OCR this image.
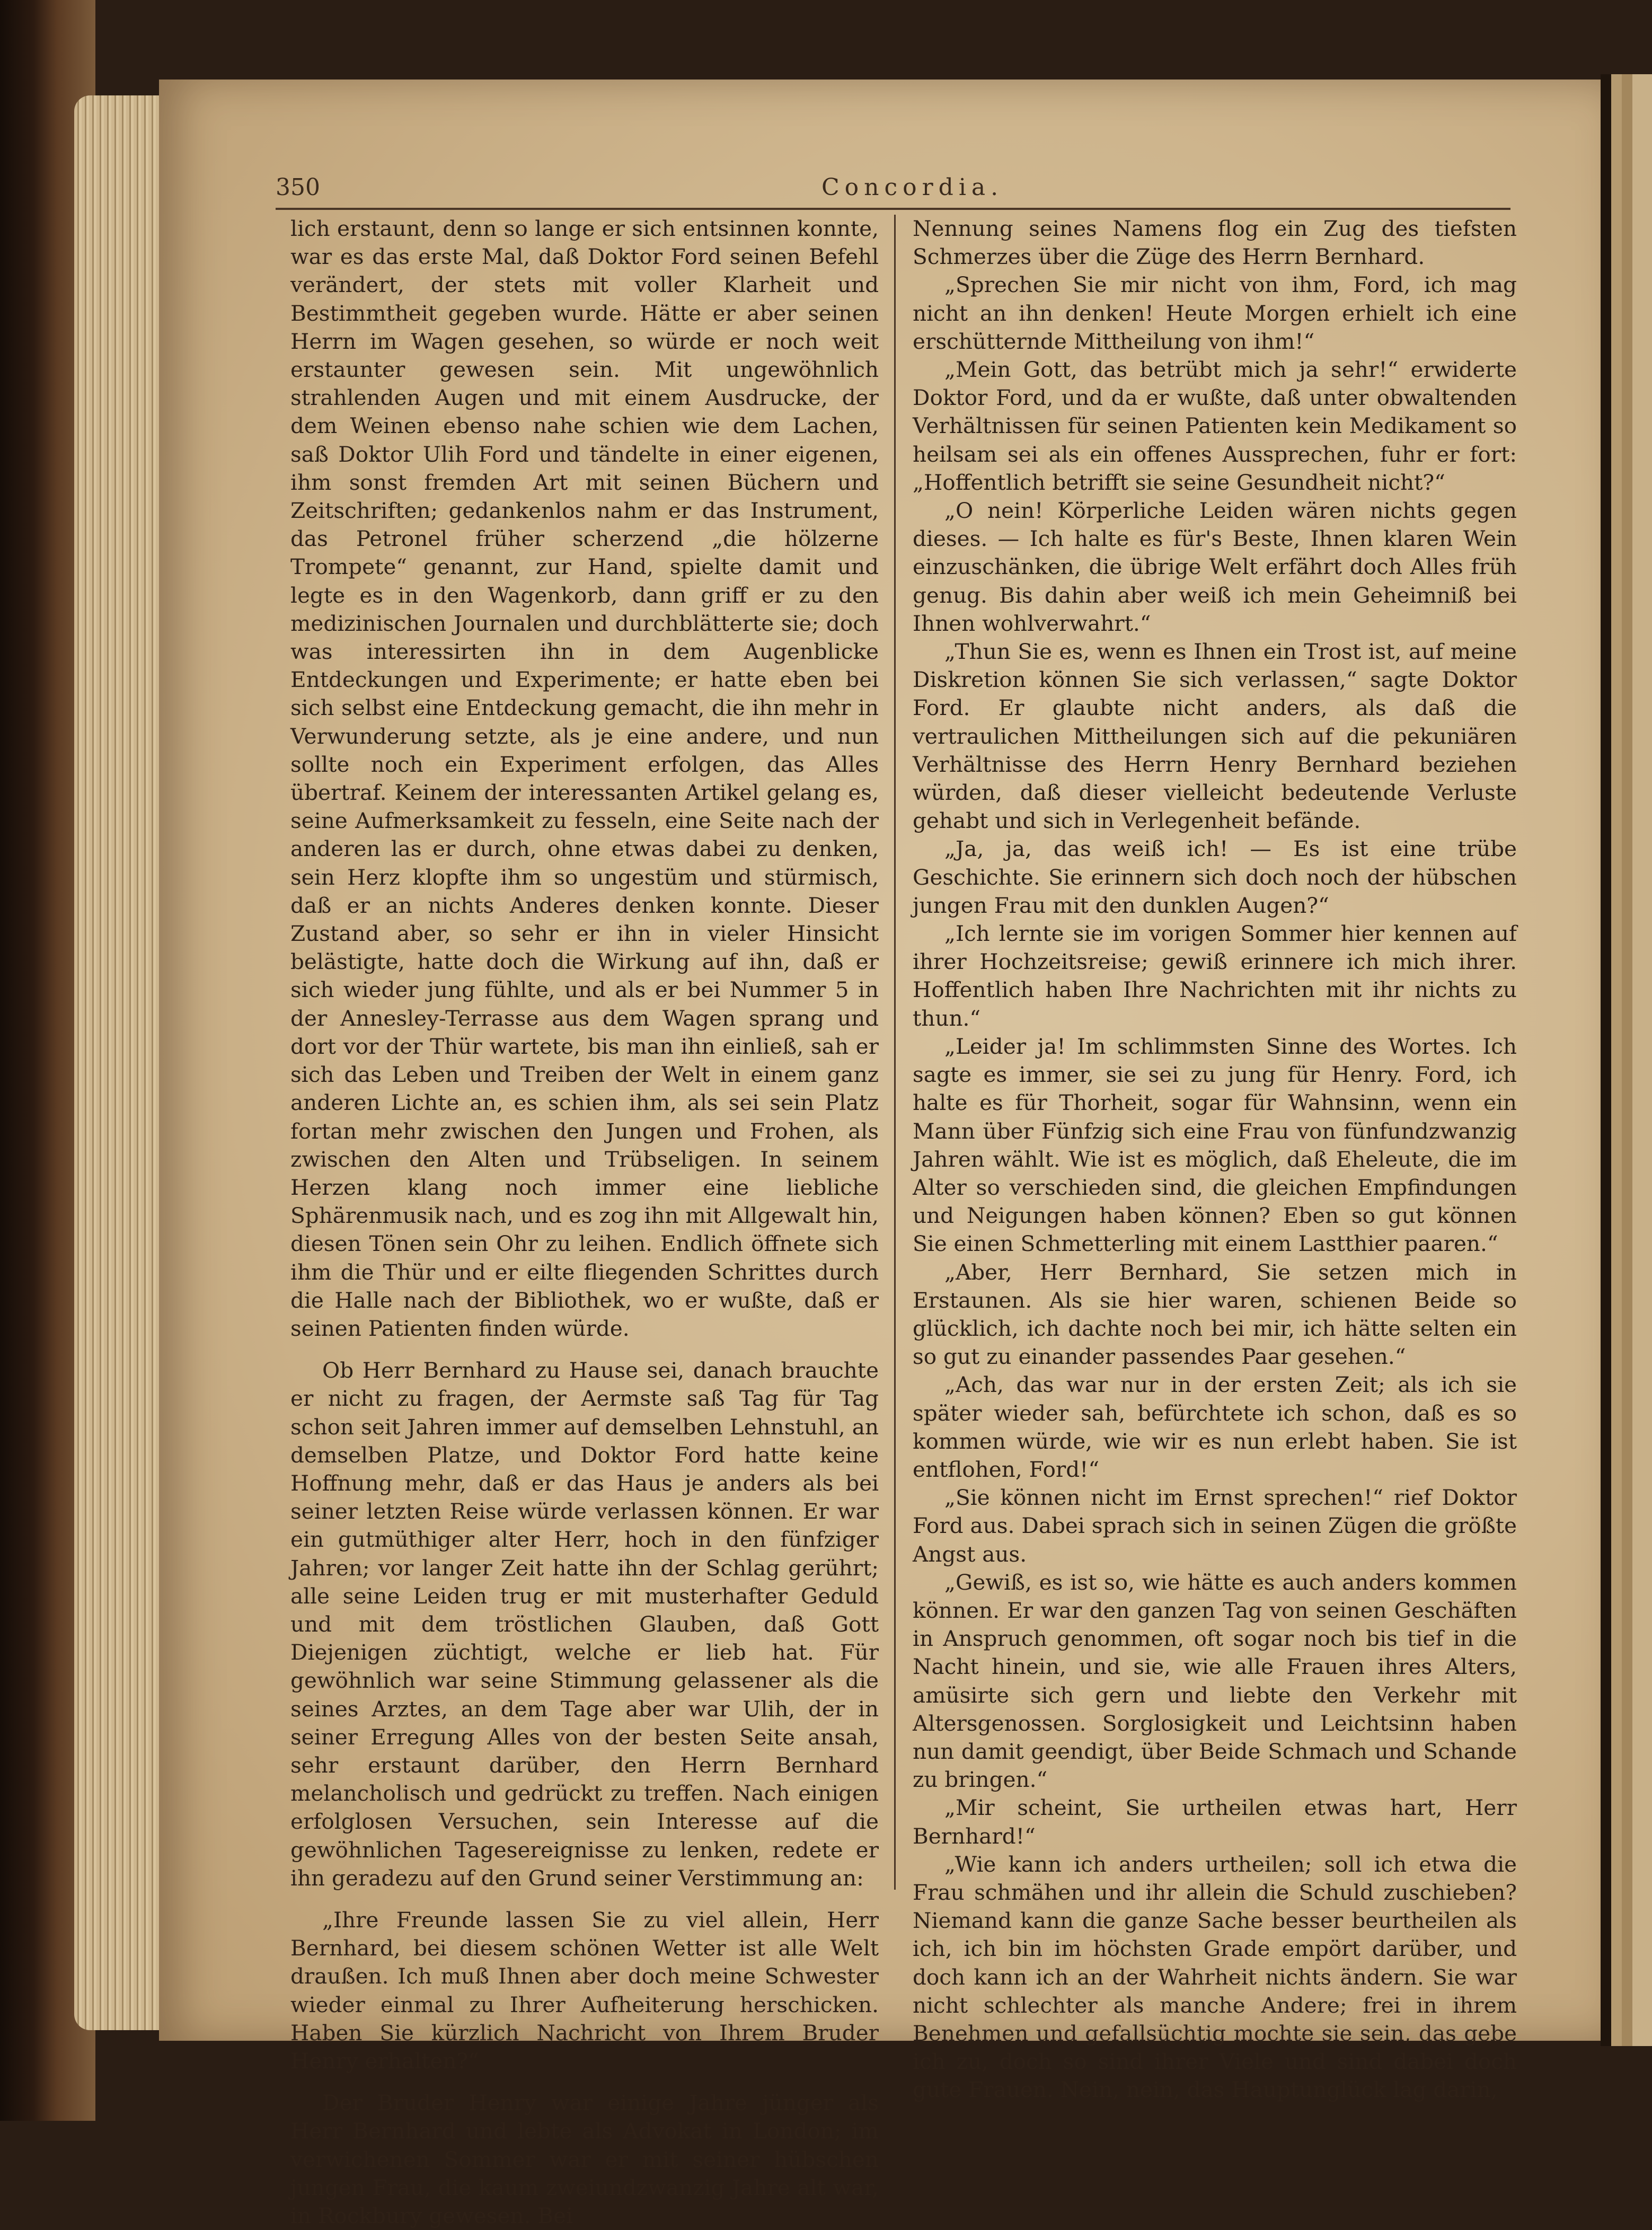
350	Concordia.

lich erstaunt, denn so lange er sich entsinnen konnte, war es das erste Mal, daß Doktor Ford seinen Befehl verändert, der stets mit voller Klarheit und Bestimmtheit gegeben wurde. Hätte er aber seinen Herrn im Wagen gesehen, so würde er noch weit erstaunter gewesen sein. Mit ungewöhnlich strahlenden Augen und mit einem Ausdrucke, der dem Weinen ebenso nahe schien wie dem Lachen, saß Doktor Ulih Ford und tändelte in einer eigenen, ihm sonst fremden Art mit seinen Büchern und Zeitschriften; gedankenlos nahm er das Instrument, das Petronel früher scherzend „die hölzerne Trompete“ genannt, zur Hand, spielte damit und legte es in den Wagenkorb, dann griff er zu den medizinischen Journalen und durchblätterte sie; doch was interessirten ihn in dem Augenblicke Entdeckungen und Experimente; er hatte eben bei sich selbst eine Entdeckung gemacht, die ihn mehr in Verwunderung setzte, als je eine andere, und nun sollte noch ein Experiment erfolgen, das Alles übertraf. Keinem der interessanten Artikel gelang es, seine Aufmerksamkeit zu fesseln, eine Seite nach der anderen las er durch, ohne etwas dabei zu denken, sein Herz klopfte ihm so ungestüm und stürmisch, daß er an nichts Anderes denken konnte. Dieser Zustand aber, so sehr er ihn in vieler Hinsicht belästigte, hatte doch die Wirkung auf ihn, daß er sich wieder jung fühlte, und als er bei Nummer 5 in der Annesley-Terrasse aus dem Wagen sprang und dort vor der Thür wartete, bis man ihn einließ, sah er sich das Leben und Treiben der Welt in einem ganz anderen Lichte an, es schien ihm, als sei sein Platz fortan mehr zwischen den Jungen und Frohen, als zwischen den Alten und Trübseligen. In seinem Herzen klang noch immer eine liebliche Sphärenmusik nach, und es zog ihn mit Allgewalt hin, diesen Tönen sein Ohr zu leihen. Endlich öffnete sich ihm die Thür und er eilte fliegenden Schrittes durch die Halle nach der Bibliothek, wo er wußte, daß er seinen Patienten finden würde.

Ob Herr Bernhard zu Hause sei, danach brauchte er nicht zu fragen, der Aermste saß Tag für Tag schon seit Jahren immer auf demselben Lehnstuhl, an demselben Platze, und Doktor Ford hatte keine Hoffnung mehr, daß er das Haus je anders als bei seiner letzten Reise würde verlassen können. Er war ein gutmüthiger alter Herr, hoch in den fünfziger Jahren; vor langer Zeit hatte ihn der Schlag gerührt; alle seine Leiden trug er mit musterhafter Geduld und mit dem tröstlichen Glauben, daß Gott Diejenigen züchtigt, welche er lieb hat. Für gewöhnlich war seine Stimmung gelassener als die seines Arztes, an dem Tage aber war Ulih, der in seiner Erregung Alles von der besten Seite ansah, sehr erstaunt darüber, den Herrn Bernhard melancholisch und gedrückt zu treffen. Nach einigen erfolglosen Versuchen, sein Interesse auf die gewöhnlichen Tagesereignisse zu lenken, redete er ihn geradezu auf den Grund seiner Verstimmung an:

„Ihre Freunde lassen Sie zu viel allein, Herr Bernhard, bei diesem schönen Wetter ist alle Welt draußen. Ich muß Ihnen aber doch meine Schwester wieder einmal zu Ihrer Aufheiterung herschicken. Haben Sie kürzlich Nachricht von Ihrem Bruder Henry erhalten?“

Der Bruder Henry war einige Jahre jünger als Herr Bernhard und lebte als Advokat in London; im verwichenen Sommer war er mit seiner hübschen jungen Frau, die kaum zweiundzwanzig Jahre alt war, in Rockbury gewesen. Bei

Nennung seines Namens flog ein Zug des tiefsten Schmerzes über die Züge des Herrn Bernhard.

„Sprechen Sie mir nicht von ihm, Ford, ich mag nicht an ihn denken! Heute Morgen erhielt ich eine erschütternde Mittheilung von ihm!“

„Mein Gott, das betrübt mich ja sehr!“ erwiderte Doktor Ford, und da er wußte, daß unter obwaltenden Verhältnissen für seinen Patienten kein Medikament so heilsam sei als ein offenes Aussprechen, fuhr er fort: „Hoffentlich betrifft sie seine Gesundheit nicht?“

„O nein! Körperliche Leiden wären nichts gegen dieses. — Ich halte es für's Beste, Ihnen klaren Wein einzuschänken, die übrige Welt erfährt doch Alles früh genug. Bis dahin aber weiß ich mein Geheimniß bei Ihnen wohlverwahrt.“

„Thun Sie es, wenn es Ihnen ein Trost ist, auf meine Diskretion können Sie sich verlassen,“ sagte Doktor Ford. Er glaubte nicht anders, als daß die vertraulichen Mittheilungen sich auf die pekuniären Verhältnisse des Herrn Henry Bernhard beziehen würden, daß dieser vielleicht bedeutende Verluste gehabt und sich in Verlegenheit befände.

„Ja, ja, das weiß ich! — Es ist eine trübe Geschichte. Sie erinnern sich doch noch der hübschen jungen Frau mit den dunklen Augen?“

„Ich lernte sie im vorigen Sommer hier kennen auf ihrer Hochzeitsreise; gewiß erinnere ich mich ihrer. Hoffentlich haben Ihre Nachrichten mit ihr nichts zu thun.“

„Leider ja! Im schlimmsten Sinne des Wortes. Ich sagte es immer, sie sei zu jung für Henry. Ford, ich halte es für Thorheit, sogar für Wahnsinn, wenn ein Mann über Fünfzig sich eine Frau von fünfundzwanzig Jahren wählt. Wie ist es möglich, daß Eheleute, die im Alter so verschieden sind, die gleichen Empfindungen und Neigungen haben können? Eben so gut können Sie einen Schmetterling mit einem Lastthier paaren.“

„Aber, Herr Bernhard, Sie setzen mich in Erstaunen. Als sie hier waren, schienen Beide so glücklich, ich dachte noch bei mir, ich hätte selten ein so gut zu einander passendes Paar gesehen.“

„Ach, das war nur in der ersten Zeit; als ich sie später wieder sah, befürchtete ich schon, daß es so kommen würde, wie wir es nun erlebt haben. Sie ist entflohen, Ford!“

„Sie können nicht im Ernst sprechen!“ rief Doktor Ford aus. Dabei sprach sich in seinen Zügen die größte Angst aus.

„Gewiß, es ist so, wie hätte es auch anders kommen können. Er war den ganzen Tag von seinen Geschäften in Anspruch genommen, oft sogar noch bis tief in die Nacht hinein, und sie, wie alle Frauen ihres Alters, amüsirte sich gern und liebte den Verkehr mit Altersgenossen. Sorglosigkeit und Leichtsinn haben nun damit geendigt, über Beide Schmach und Schande zu bringen.“

„Mir scheint, Sie urtheilen etwas hart, Herr Bernhard!“

„Wie kann ich anders urtheilen; soll ich etwa die Frau schmähen und ihr allein die Schuld zuschieben? Niemand kann die ganze Sache besser beurtheilen als ich, ich bin im höchsten Grade empört darüber, und doch kann ich an der Wahrheit nichts ändern. Sie war nicht schlechter als manche Andere; frei in ihrem Benehmen und gefallsüchtig mochte sie sein, das gebe ich zu, doch so sind ihrer Viele und sind dabei doch gute Frauen. Nein, nein, das Hauptunglück lag darin,
